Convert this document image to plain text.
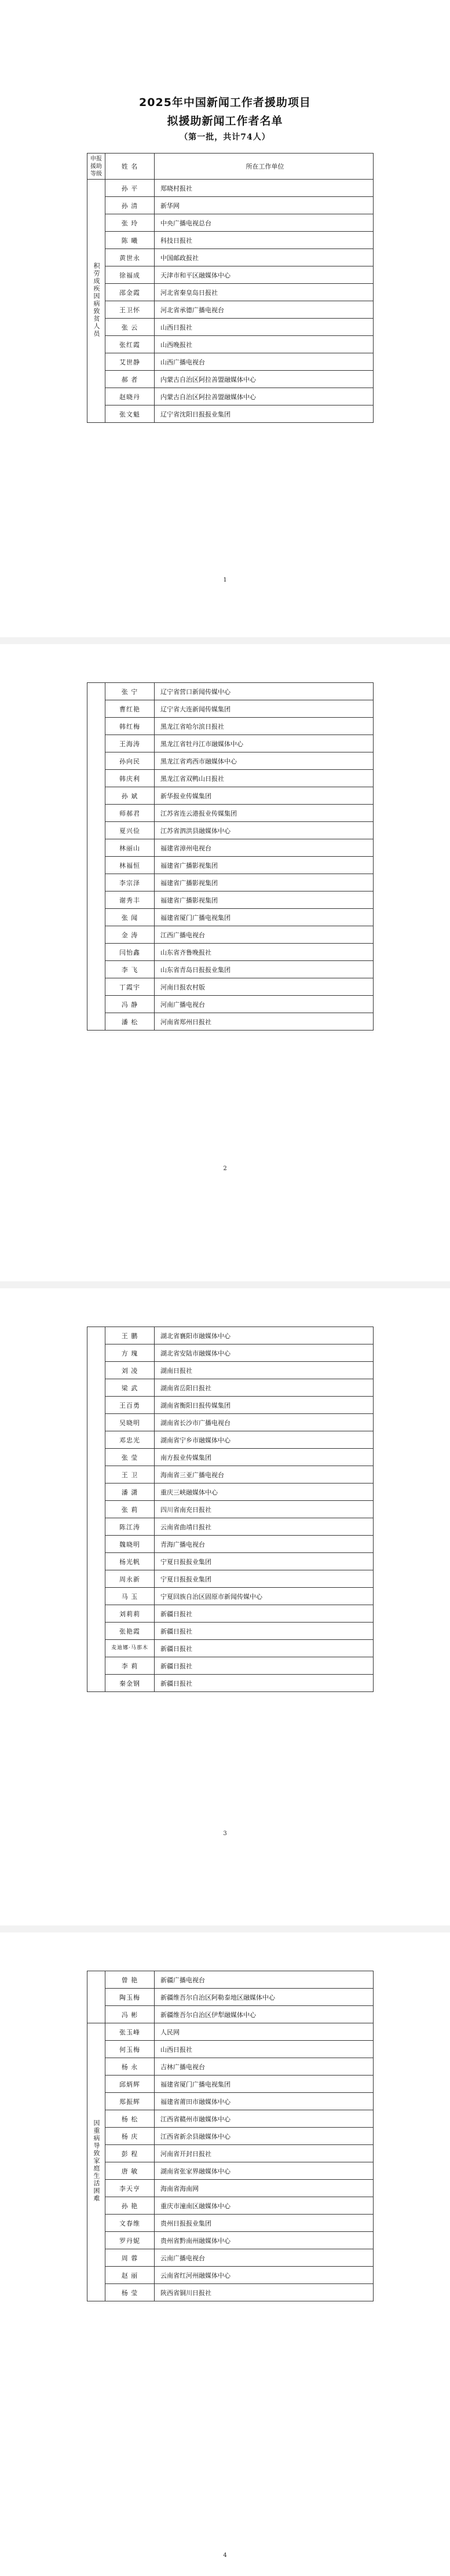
2025年中国新闻工作者援助项目
拟援助新闻工作者名单
（第一批，共计74人）
申报援助等级	姓 名	所在工作单位
积劳成疾因病致贫人员	孙 平	郑晓村报社
	孙 清	新华网
	张 玲	中央广播电视总台
	陈 曦	科技日报社
	黄世永	中国邮政报社
	徐福成	天津市和平区融媒体中心
	邵金霞	河北省秦皇岛日报社
	王卫怀	河北省承德广播电视台
	张 云	山西日报社
	张红霞	山西晚报社
	艾世静	山西广播电视台
	郝 者	内蒙古自治区阿拉善盟融媒体中心
	赵晓丹	内蒙古自治区阿拉善盟融媒体中心
	张文魁	辽宁省沈阳日报报业集团
1
	张 宁	辽宁省营口新闻传媒中心
	曹红艳	辽宁省大连新闻传媒集团
	韩红梅	黑龙江省哈尔滨日报社
	王海涛	黑龙江省牡丹江市融媒体中心
	孙向民	黑龙江省鸡西市融媒体中心
	韩庆利	黑龙江省双鸭山日报社
	孙 斌	新华报业传媒集团
	师郝君	江苏省连云港报业传媒集团
	夏兴俭	江苏省泗洪县融媒体中心
	林丽山	福建省漳州电视台
	林福恒	福建省广播影视集团
	李宗泽	福建省广播影视集团
	谢秀丰	福建省广播影视集团
	张 闻	福建省厦门广播电视集团
	金 涛	江西广播电视台
	闫怡鑫	山东省齐鲁晚报社
	李 飞	山东省青岛日报报业集团
	丁霞宇	河南日报农村版
	冯 静	河南广播电视台
	潘 松	河南省郑州日报社
2
	王 鹏	湖北省襄阳市融媒体中心
	方 瑰	湖北省安陆市融媒体中心
	刘 凌	湖南日报社
	梁 武	湖南省岳阳日报社
	王百勇	湖南省衡阳日报传媒集团
	吴晓明	湖南省长沙市广播电视台
	邓忠光	湖南省宁乡市融媒体中心
	张 莹	南方报业传媒集团
	王 卫	海南省三亚广播电视台
	潘 潇	重庆三峡融媒体中心
	张 莉	四川省南充日报社
	陈江涛	云南省曲靖日报社
	魏晓明	青海广播电视台
	杨光帆	宁夏日报报业集团
	周永新	宁夏日报报业集团
	马 玉	宁夏回族自治区固原市新闻传媒中心
	刘莉莉	新疆日报社
	张艳霞	新疆日报社
	麦迪娜·马那木	新疆日报社
	李 莉	新疆日报社
	秦金钢	新疆日报社
3
	曾 艳	新疆广播电视台
	陶玉梅	新疆维吾尔自治区阿勒泰地区融媒体中心
	冯 彬	新疆维吾尔自治区伊犁融媒体中心
因重病导致家庭生活困难	张玉峰	人民网
	何玉梅	山西日报社
	杨 永	吉林广播电视台
	邱炳辉	福建省厦门广播电视集团
	郑振辉	福建省莆田市融媒体中心
	杨 松	江西省赣州市融媒体中心
	杨 庆	江西省新余县融媒体中心
	彭 程	河南省开封日报社
	唐 敏	湖南省张家界融媒体中心
	李天亨	海南省海南网
	孙 艳	重庆市潼南区融媒体中心
	文春维	贵州日报报业集团
	罗丹妮	贵州省黔南州融媒体中心
	周 蓉	云南广播电视台
	赵 丽	云南省红河州融媒体中心
	杨 莹	陕西省铜川日报社
4
